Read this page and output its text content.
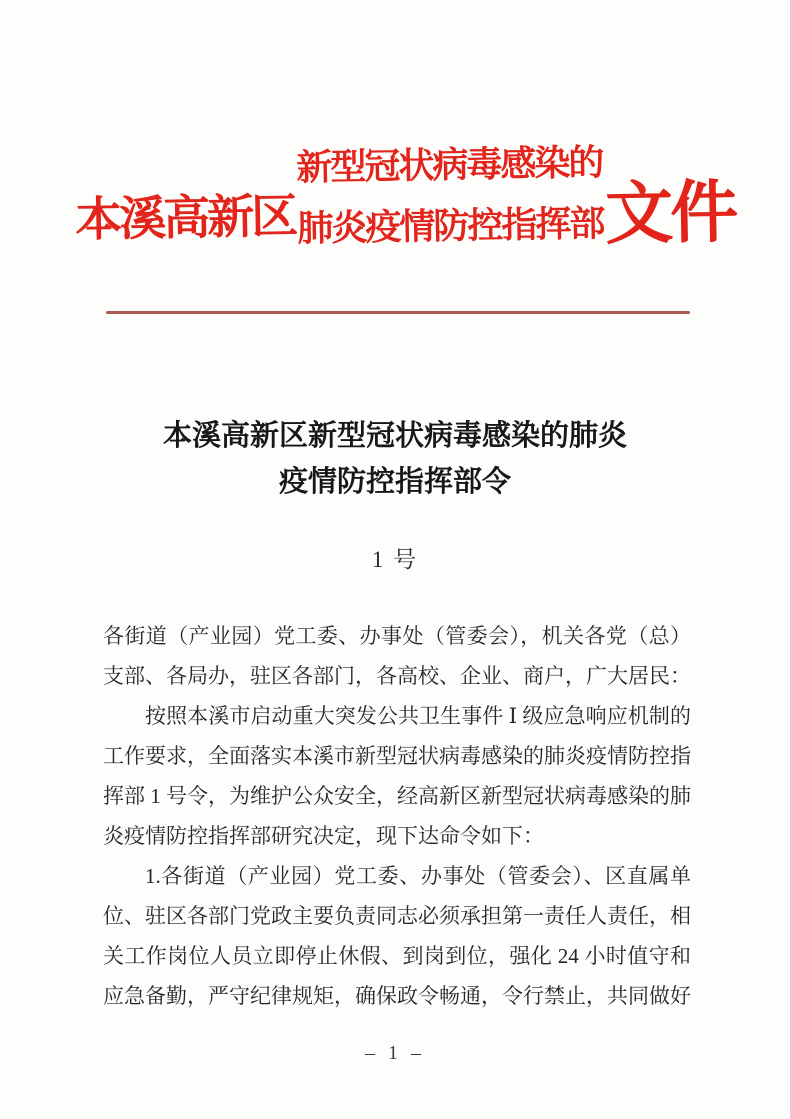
本溪高新区
新型冠状病毒感染的
肺炎疫情防控指挥部 文件
本溪高新区新型冠状病毒感染的肺炎
疫情防控指挥部令
1 号

各街道（产业园）党工委、办事处（管委会），机关各党（总）支部、各局办，驻区各部门，各高校、企业、商户，广大居民：

按照本溪市启动重大突发公共卫生事件 Ⅰ 级应急响应机制的工作要求，全面落实本溪市新型冠状病毒感染的肺炎疫情防控指挥部 1 号令，为维护公众安全，经高新区新型冠状病毒感染的肺炎疫情防控指挥部研究决定，现下达命令如下：

1.各街道（产业园）党工委、办事处（管委会）、区直属单位、驻区各部门党政主要负责同志必须承担第一责任人责任，相关工作岗位人员立即停止休假、到岗到位，强化 24 小时值守和应急备勤，严守纪律规矩，确保政令畅通，令行禁止，共同做好

– 1 –
